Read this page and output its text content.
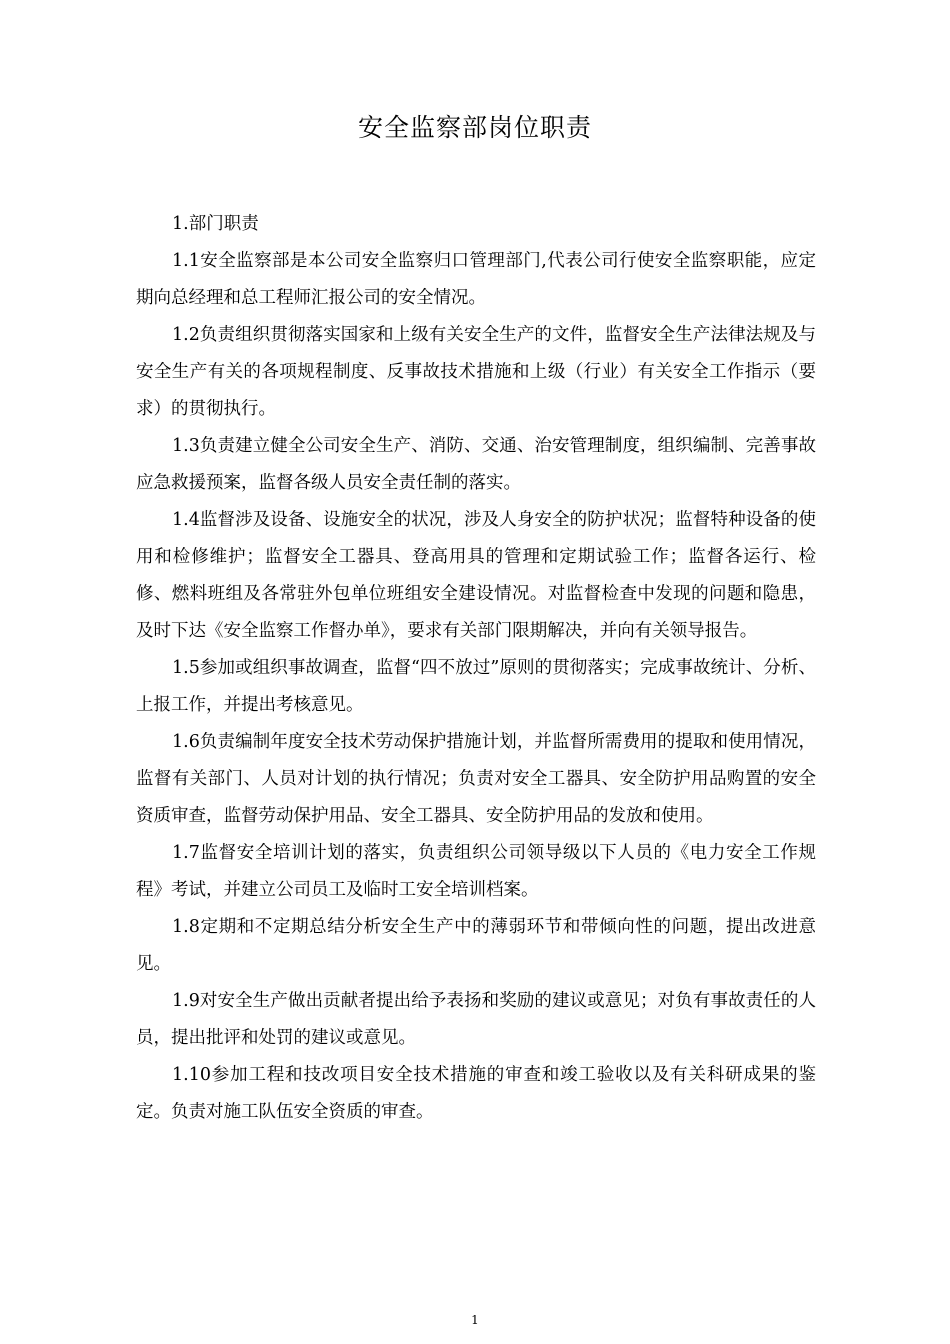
安全监察部岗位职责

1.部门职责

1.1安全监察部是本公司安全监察归口管理部门,代表公司行使安全监察职能，应定期向总经理和总工程师汇报公司的安全情况。

1.2负责组织贯彻落实国家和上级有关安全生产的文件，监督安全生产法律法规及与安全生产有关的各项规程制度、反事故技术措施和上级（行业）有关安全工作指示（要求）的贯彻执行。

1.3负责建立健全公司安全生产、消防、交通、治安管理制度，组织编制、完善事故应急救援预案，监督各级人员安全责任制的落实。

1.4监督涉及设备、设施安全的状况，涉及人身安全的防护状况；监督特种设备的使用和检修维护；监督安全工器具、登高用具的管理和定期试验工作；监督各运行、检修、燃料班组及各常驻外包单位班组安全建设情况。对监督检查中发现的问题和隐患，及时下达《安全监察工作督办单》，要求有关部门限期解决，并向有关领导报告。

1.5参加或组织事故调查，监督“四不放过”原则的贯彻落实；完成事故统计、分析、上报工作，并提出考核意见。

1.6负责编制年度安全技术劳动保护措施计划，并监督所需费用的提取和使用情况，监督有关部门、人员对计划的执行情况；负责对安全工器具、安全防护用品购置的安全资质审查，监督劳动保护用品、安全工器具、安全防护用品的发放和使用。

1.7监督安全培训计划的落实，负责组织公司领导级以下人员的《电力安全工作规程》考试，并建立公司员工及临时工安全培训档案。

1.8定期和不定期总结分析安全生产中的薄弱环节和带倾向性的问题，提出改进意见。

1.9对安全生产做出贡献者提出给予表扬和奖励的建议或意见；对负有事故责任的人员，提出批评和处罚的建议或意见。

1.10参加工程和技改项目安全技术措施的审查和竣工验收以及有关科研成果的鉴定。负责对施工队伍安全资质的审查。

1
